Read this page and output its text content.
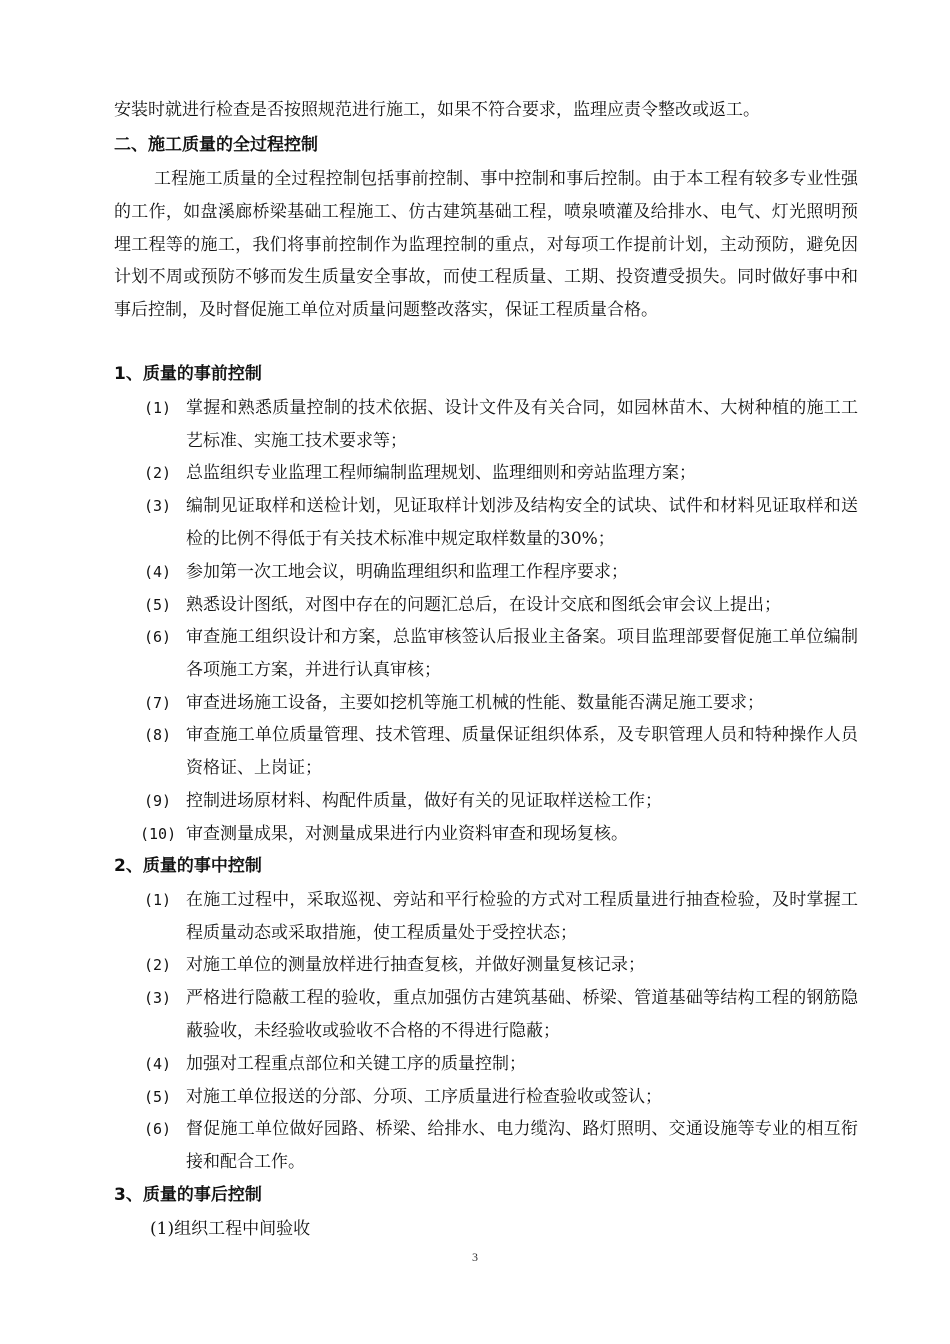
安装时就进行检查是否按照规范进行施工，如果不符合要求，监理应责令整改或返工。
二、施工质量的全过程控制
工程施工质量的全过程控制包括事前控制、事中控制和事后控制。由于本工程有较多专业性强的工作，如盘溪廊桥梁基础工程施工、仿古建筑基础工程，喷泉喷灌及给排水、电气、灯光照明预埋工程等的施工，我们将事前控制作为监理控制的重点，对每项工作提前计划，主动预防，避免因计划不周或预防不够而发生质量安全事故，而使工程质量、工期、投资遭受损失。同时做好事中和事后控制，及时督促施工单位对质量问题整改落实，保证工程质量合格。
1、质量的事前控制
(1) 掌握和熟悉质量控制的技术依据、设计文件及有关合同，如园林苗木、大树种植的施工工艺标准、实施工技术要求等；
(2) 总监组织专业监理工程师编制监理规划、监理细则和旁站监理方案；
(3) 编制见证取样和送检计划，见证取样计划涉及结构安全的试块、试件和材料见证取样和送检的比例不得低于有关技术标准中规定取样数量的30%；
(4) 参加第一次工地会议，明确监理组织和监理工作程序要求；
(5) 熟悉设计图纸，对图中存在的问题汇总后，在设计交底和图纸会审会议上提出；
(6) 审查施工组织设计和方案，总监审核签认后报业主备案。项目监理部要督促施工单位编制各项施工方案，并进行认真审核；
(7) 审查进场施工设备，主要如挖机等施工机械的性能、数量能否满足施工要求；
(8) 审查施工单位质量管理、技术管理、质量保证组织体系，及专职管理人员和特种操作人员资格证、上岗证；
(9) 控制进场原材料、构配件质量，做好有关的见证取样送检工作；
(10) 审查测量成果，对测量成果进行内业资料审查和现场复核。
2、质量的事中控制
(1) 在施工过程中，采取巡视、旁站和平行检验的方式对工程质量进行抽查检验，及时掌握工程质量动态或采取措施，使工程质量处于受控状态；
(2) 对施工单位的测量放样进行抽查复核，并做好测量复核记录；
(3) 严格进行隐蔽工程的验收，重点加强仿古建筑基础、桥梁、管道基础等结构工程的钢筋隐蔽验收，未经验收或验收不合格的不得进行隐蔽；
(4) 加强对工程重点部位和关键工序的质量控制；
(5) 对施工单位报送的分部、分项、工序质量进行检查验收或签认；
(6) 督促施工单位做好园路、桥梁、给排水、电力缆沟、路灯照明、交通设施等专业的相互衔接和配合工作。
3、质量的事后控制
(1)组织工程中间验收
3
